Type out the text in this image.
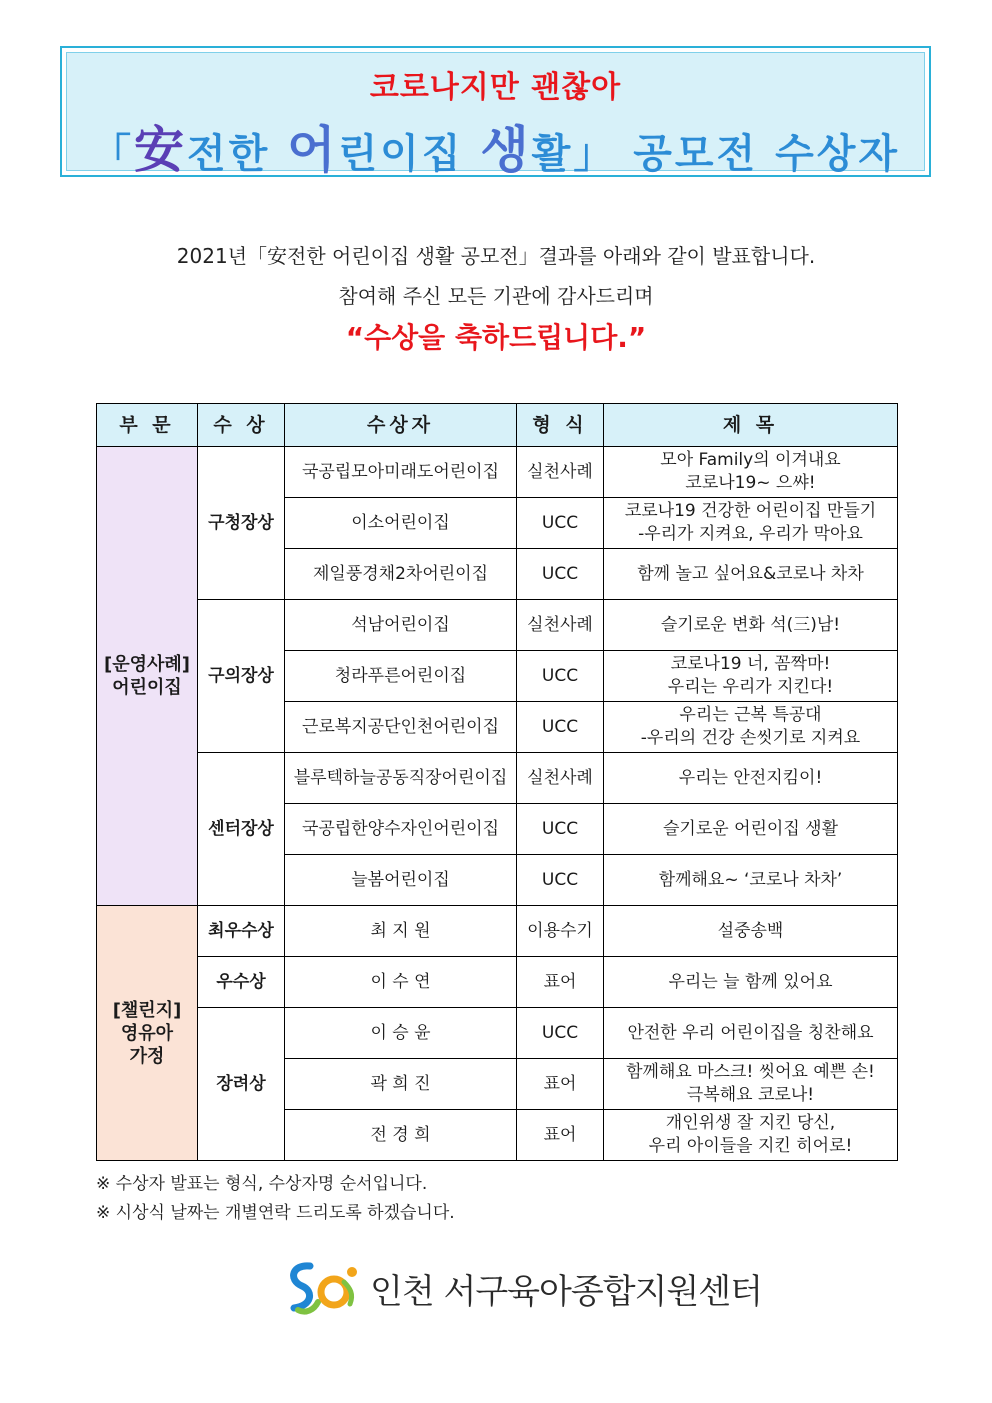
코로나지만 괜찮아
「安전한 어린이집 생활」 공모전 수상자
2021년「安전한 어린이집 생활 공모전」결과를 아래와 같이 발표합니다.
참여해 주신 모든 기관에 감사드리며
“수상을 축하드립니다.”
부 문	수 상	수상자	형 식	제 목
[운영사례]
어린이집	구청장상	국공립모아미래도어린이집	실천사례	모아 Family의 이겨내요
코로나19~ 으쌰!
		이소어린이집	UCC	코로나19 건강한 어린이집 만들기
-우리가 지켜요, 우리가 막아요
		제일풍경채2차어린이집	UCC	함께 놀고 싶어요&코로나 차차
	구의장상	석남어린이집	실천사례	슬기로운 변화 석(三)남!
		청라푸른어린이집	UCC	코로나19 너, 꼼짝마!
우리는 우리가 지킨다!
		근로복지공단인천어린이집	UCC	우리는 근복 특공대
-우리의 건강 손씻기로 지켜요
	센터장상	블루텍하늘공동직장어린이집	실천사례	우리는 안전지킴이!
		국공립한양수자인어린이집	UCC	슬기로운 어린이집 생활
		늘봄어린이집	UCC	함께해요~ ‘코로나 차차’
[챌린지]
영유아
가정	최우수상	최 지 원	이용수기	설중송백
	우수상	이 수 연	표어	우리는 늘 함께 있어요
	장려상	이 승 윤	UCC	안전한 우리 어린이집을 칭찬해요
		곽 희 진	표어	함께해요 마스크! 씻어요 예쁜 손!
극복해요 코로나!
		전 경 희	표어	개인위생 잘 지킨 당신,
우리 아이들을 지킨 히어로!
※ 수상자 발표는 형식, 수상자명 순서입니다.
※ 시상식 날짜는 개별연락 드리도록 하겠습니다.
인천 서구육아종합지원센터
